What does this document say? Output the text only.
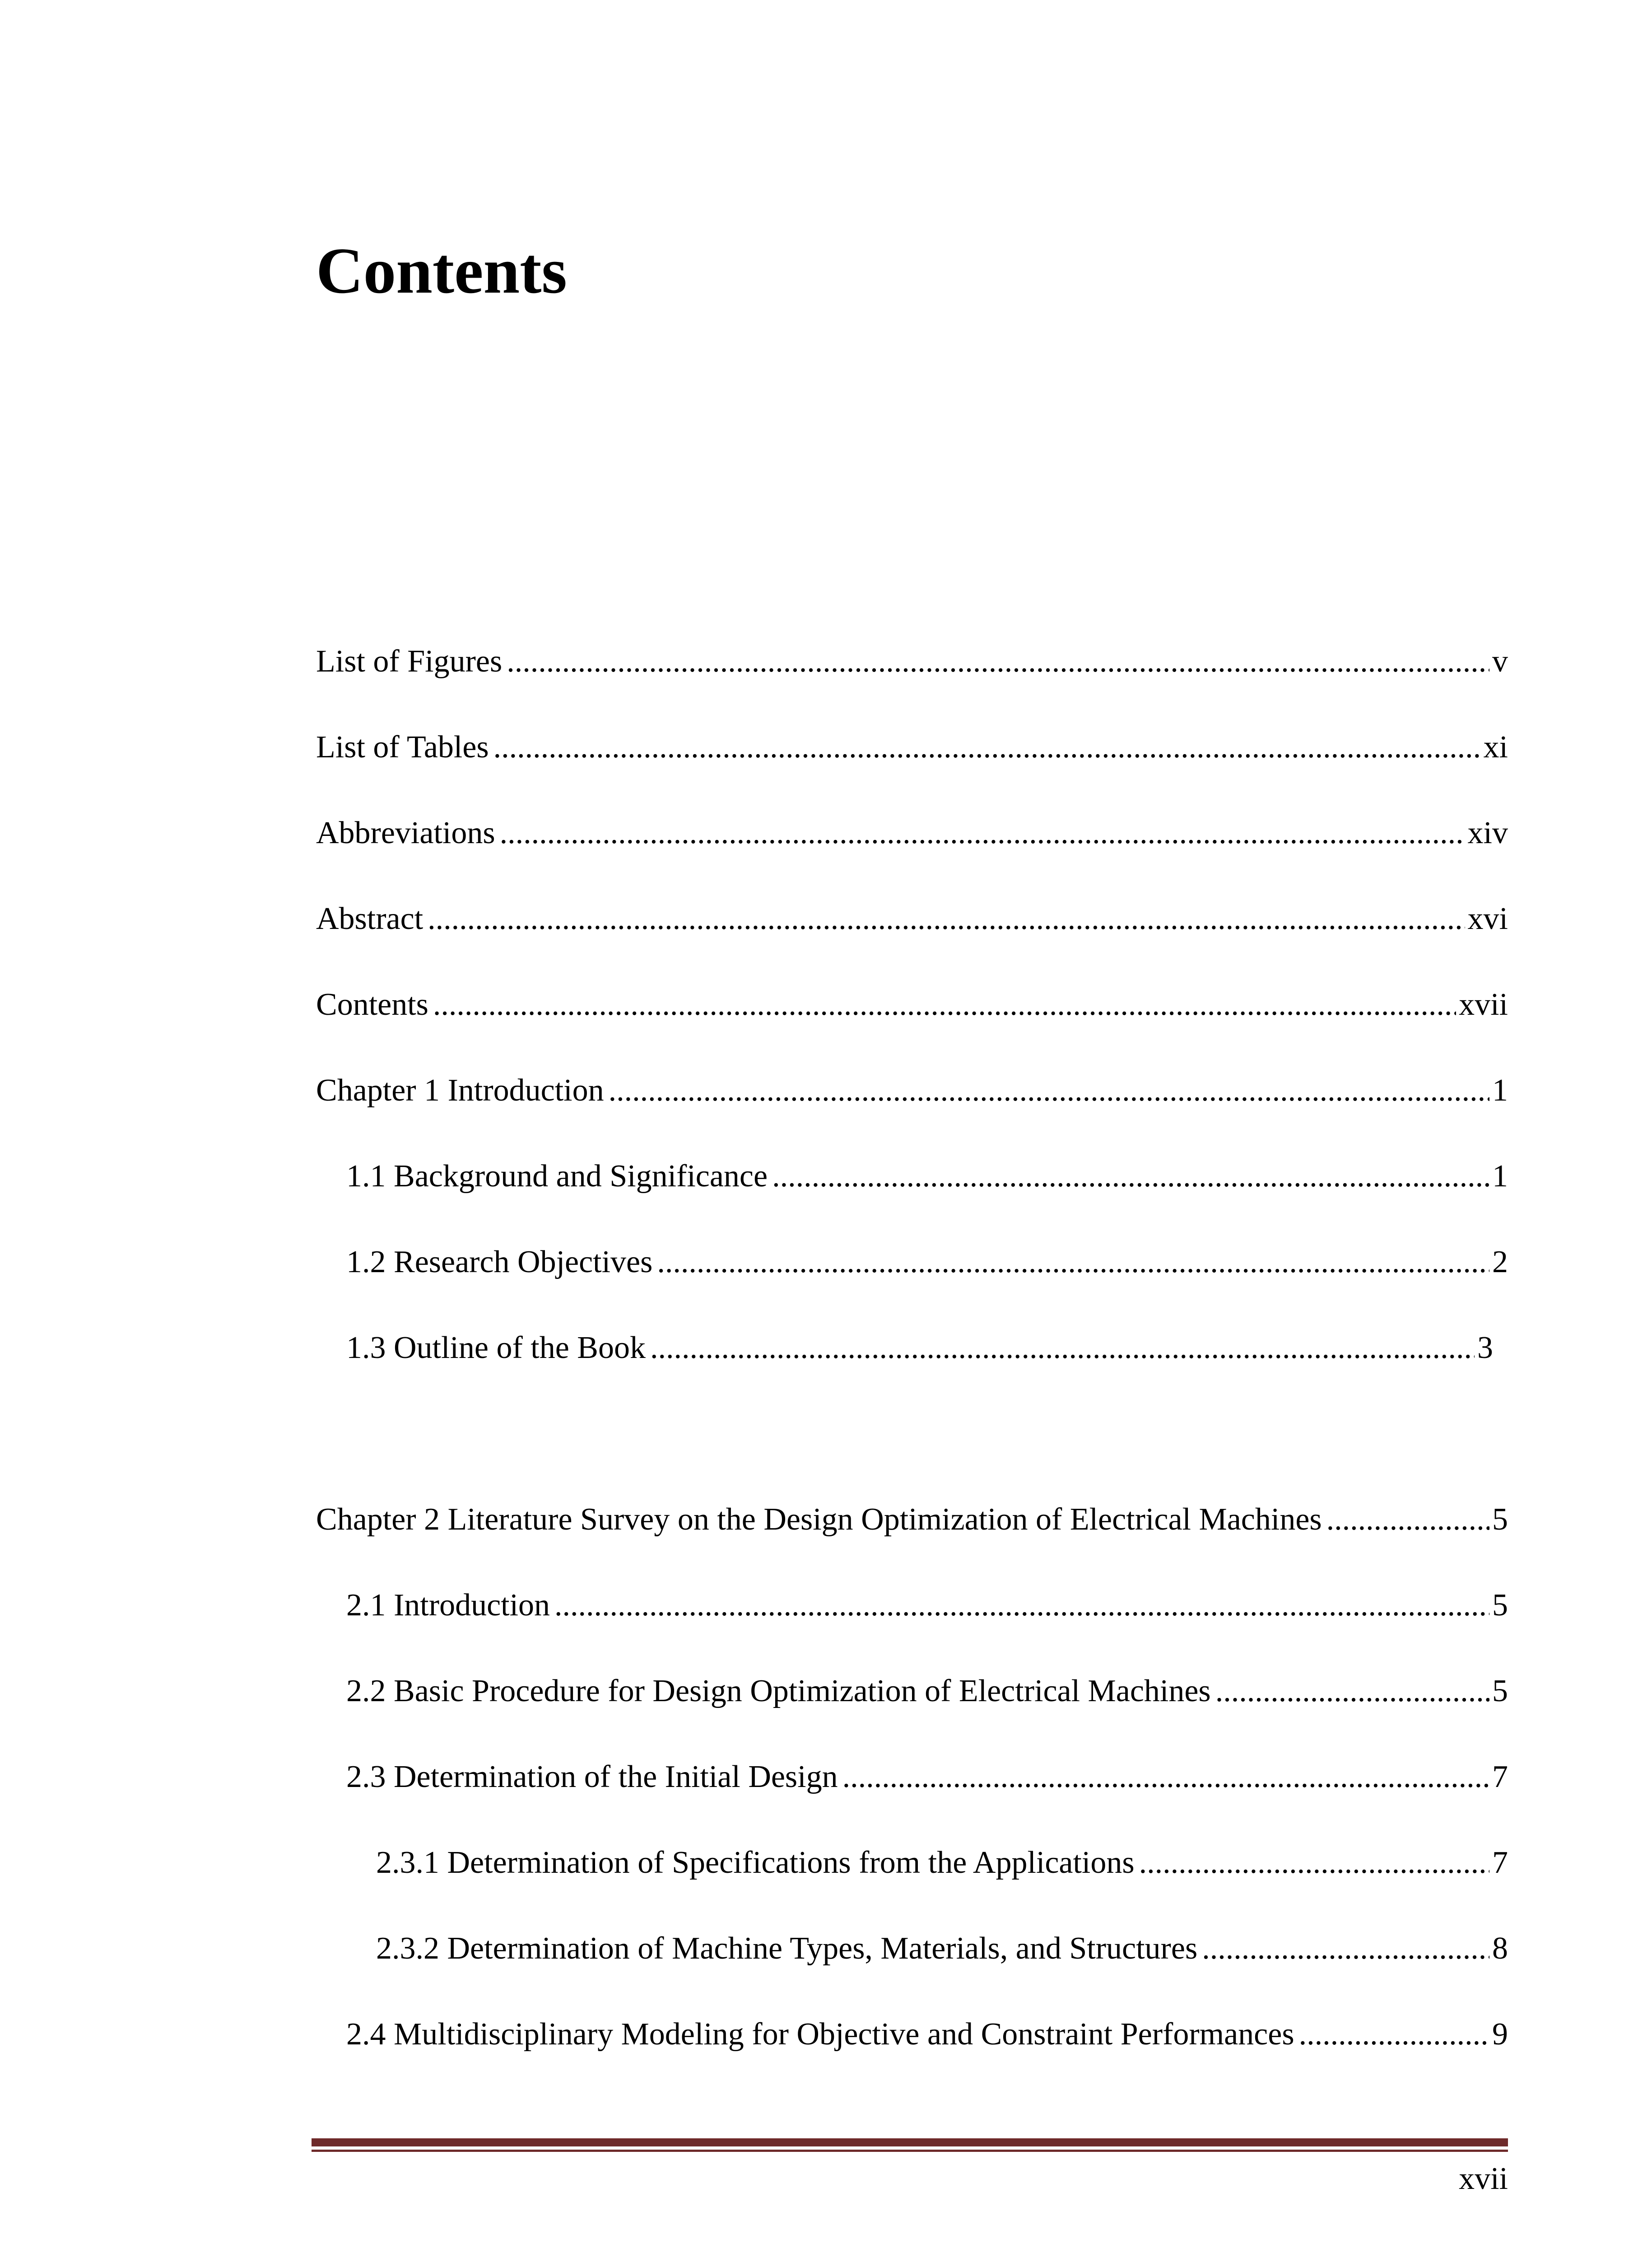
Contents
List of Figures .....	v
List of Tables .....	xi
Abbreviations .....	xiv
Abstract .....	xvi
Contents .....	xvii
Chapter 1 Introduction .....	1
1.1 Background and Significance .....	1
1.2 Research Objectives .....	2
1.3 Outline of the Book .....	3
Chapter 2 Literature Survey on the Design Optimization of Electrical Machines .....	5
2.1 Introduction .....	5
2.2 Basic Procedure for Design Optimization of Electrical Machines .....	5
2.3 Determination of the Initial Design .....	7
2.3.1 Determination of Specifications from the Applications .....	7
2.3.2 Determination of Machine Types, Materials, and Structures .....	8
2.4 Multidisciplinary Modeling for Objective and Constraint Performances .....	9
xvii
